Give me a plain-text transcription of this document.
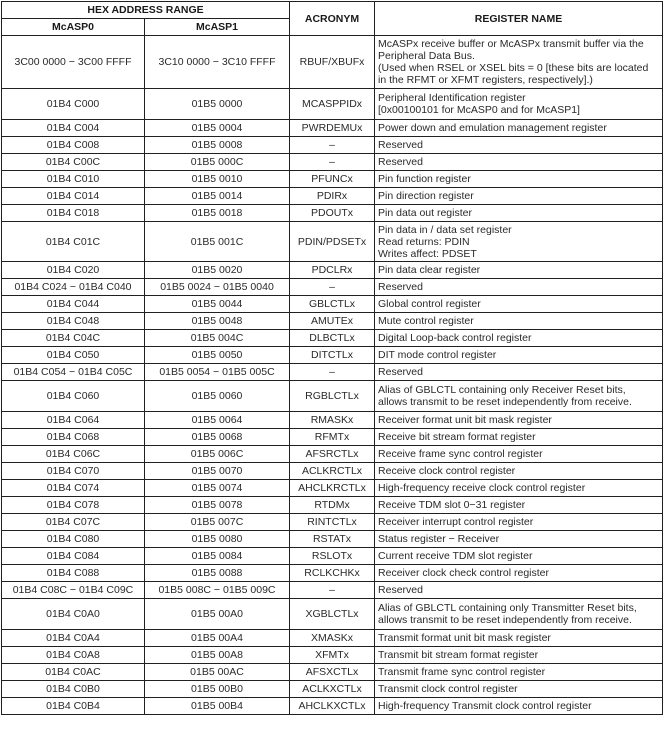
HEX ADDRESS RANGE		ACRONYM	REGISTER NAME
McASP0	McASP1		
3C00 0000 − 3C00 FFFF	3C10 0000 − 3C10 FFFF	RBUF/XBUFx	McASPx receive buffer or McASPx transmit buffer via the
Peripheral Data Bus.
(Used when RSEL or XSEL bits = 0 [these bits are located
in the RFMT or XFMT registers, respectively].)

01B4 C000	01B5 0000	MCASPPIDx	Peripheral Identification register
[0x00100101 for McASP0 and for McASP1]

01B4 C004	01B5 0004	PWRDEMUx	Power down and emulation management register

01B4 C008	01B5 0008	–	Reserved

01B4 C00C	01B5 000C	–	Reserved

01B4 C010	01B5 0010	PFUNCx	Pin function register

01B4 C014	01B5 0014	PDIRx	Pin direction register

01B4 C018	01B5 0018	PDOUTx	Pin data out register

01B4 C01C	01B5 001C	PDIN/PDSETx	Pin data in / data set register
Read returns: PDIN
Writes affect: PDSET

01B4 C020	01B5 0020	PDCLRx	Pin data clear register

01B4 C024 − 01B4 C040	01B5 0024 − 01B5 0040	–	Reserved

01B4 C044	01B5 0044	GBLCTLx	Global control register

01B4 C048	01B5 0048	AMUTEx	Mute control register

01B4 C04C	01B5 004C	DLBCTLx	Digital Loop-back control register

01B4 C050	01B5 0050	DITCTLx	DIT mode control register

01B4 C054 − 01B4 C05C	01B5 0054 − 01B5 005C	–	Reserved

01B4 C060	01B5 0060	RGBLCTLx	Alias of GBLCTL containing only Receiver Reset bits,
allows transmit to be reset independently from receive.

01B4 C064	01B5 0064	RMASKx	Receiver format unit bit mask register

01B4 C068	01B5 0068	RFMTx	Receive bit stream format register

01B4 C06C	01B5 006C	AFSRCTLx	Receive frame sync control register

01B4 C070	01B5 0070	ACLKRCTLx	Receive clock control register

01B4 C074	01B5 0074	AHCLKRCTLx	High-frequency receive clock control register

01B4 C078	01B5 0078	RTDMx	Receive TDM slot 0−31 register

01B4 C07C	01B5 007C	RINTCTLx	Receiver interrupt control register

01B4 C080	01B5 0080	RSTATx	Status register − Receiver

01B4 C084	01B5 0084	RSLOTx	Current receive TDM slot register

01B4 C088	01B5 0088	RCLKCHKx	Receiver clock check control register

01B4 C08C − 01B4 C09C	01B5 008C − 01B5 009C	–	Reserved

01B4 C0A0	01B5 00A0	XGBLCTLx	Alias of GBLCTL containing only Transmitter Reset bits,
allows transmit to be reset independently from receive.

01B4 C0A4	01B5 00A4	XMASKx	Transmit format unit bit mask register

01B4 C0A8	01B5 00A8	XFMTx	Transmit bit stream format register

01B4 C0AC	01B5 00AC	AFSXCTLx	Transmit frame sync control register

01B4 C0B0	01B5 00B0	ACLKXCTLx	Transmit clock control register

01B4 C0B4	01B5 00B4	AHCLKXCTLx	High-frequency Transmit clock control register
